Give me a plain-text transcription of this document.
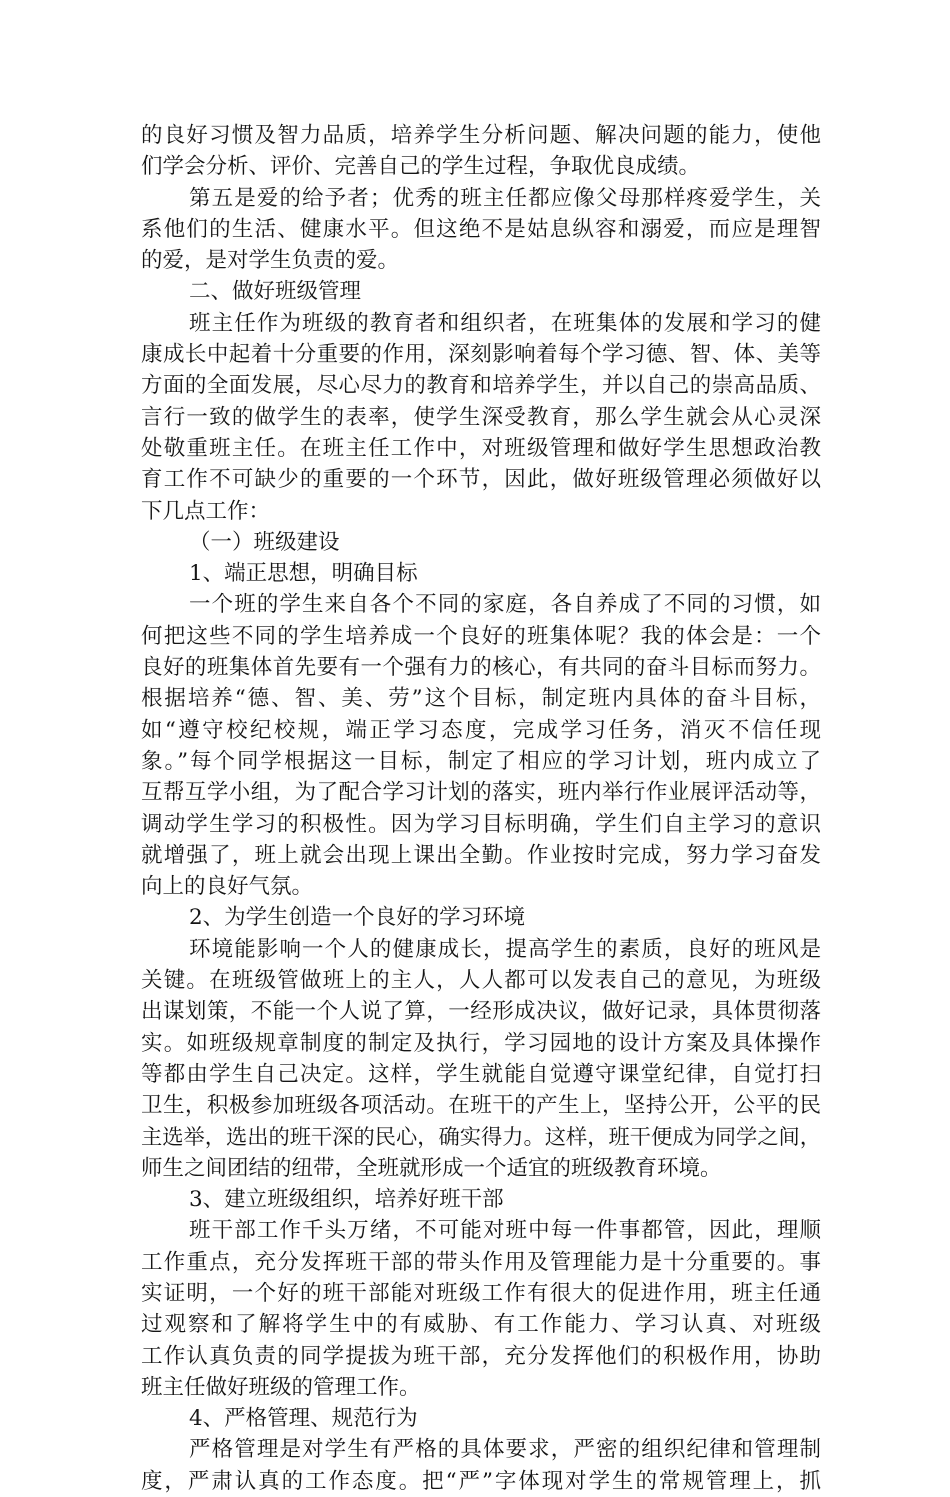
的良好习惯及智力品质，培养学生分析问题、解决问题的能力，使他
们学会分析、评价、完善自己的学生过程，争取优良成绩。
第五是爱的给予者；优秀的班主任都应像父母那样疼爱学生，关
系他们的生活、健康水平。但这绝不是姑息纵容和溺爱，而应是理智
的爱，是对学生负责的爱。
二、做好班级管理
班主任作为班级的教育者和组织者，在班集体的发展和学习的健
康成长中起着十分重要的作用，深刻影响着每个学习德、智、体、美等
方面的全面发展，尽心尽力的教育和培养学生，并以自己的崇高品质、
言行一致的做学生的表率，使学生深受教育，那么学生就会从心灵深
处敬重班主任。在班主任工作中，对班级管理和做好学生思想政治教
育工作不可缺少的重要的一个环节，因此，做好班级管理必须做好以
下几点工作：
（一）班级建设
1、端正思想，明确目标
一个班的学生来自各个不同的家庭，各自养成了不同的习惯，如
何把这些不同的学生培养成一个良好的班集体呢？我的体会是：一个
良好的班集体首先要有一个强有力的核心，有共同的奋斗目标而努力。
根据培养“德、智、美、劳”这个目标，制定班内具体的奋斗目标，
如“遵守校纪校规，端正学习态度，完成学习任务，消灭不信任现
象。”每个同学根据这一目标，制定了相应的学习计划，班内成立了
互帮互学小组，为了配合学习计划的落实，班内举行作业展评活动等，
调动学生学习的积极性。因为学习目标明确，学生们自主学习的意识
就增强了，班上就会出现上课出全勤。作业按时完成，努力学习奋发
向上的良好气氛。
2、为学生创造一个良好的学习环境
环境能影响一个人的健康成长，提高学生的素质，良好的班风是
关键。在班级管做班上的主人，人人都可以发表自己的意见，为班级
出谋划策，不能一个人说了算，一经形成决议，做好记录，具体贯彻落
实。如班级规章制度的制定及执行，学习园地的设计方案及具体操作
等都由学生自己决定。这样，学生就能自觉遵守课堂纪律，自觉打扫
卫生，积极参加班级各项活动。在班干的产生上，坚持公开，公平的民
主选举，选出的班干深的民心，确实得力。这样，班干便成为同学之间，
师生之间团结的纽带，全班就形成一个适宜的班级教育环境。
3、建立班级组织，培养好班干部
班干部工作千头万绪，不可能对班中每一件事都管，因此，理顺
工作重点，充分发挥班干部的带头作用及管理能力是十分重要的。事
实证明，一个好的班干部能对班级工作有很大的促进作用，班主任通
过观察和了解将学生中的有威胁、有工作能力、学习认真、对班级
工作认真负责的同学提拔为班干部，充分发挥他们的积极作用，协助
班主任做好班级的管理工作。
4、严格管理、规范行为
严格管理是对学生有严格的具体要求，严密的组织纪律和管理制
度，严肃认真的工作态度。把“严”字体现对学生的常规管理上，抓
